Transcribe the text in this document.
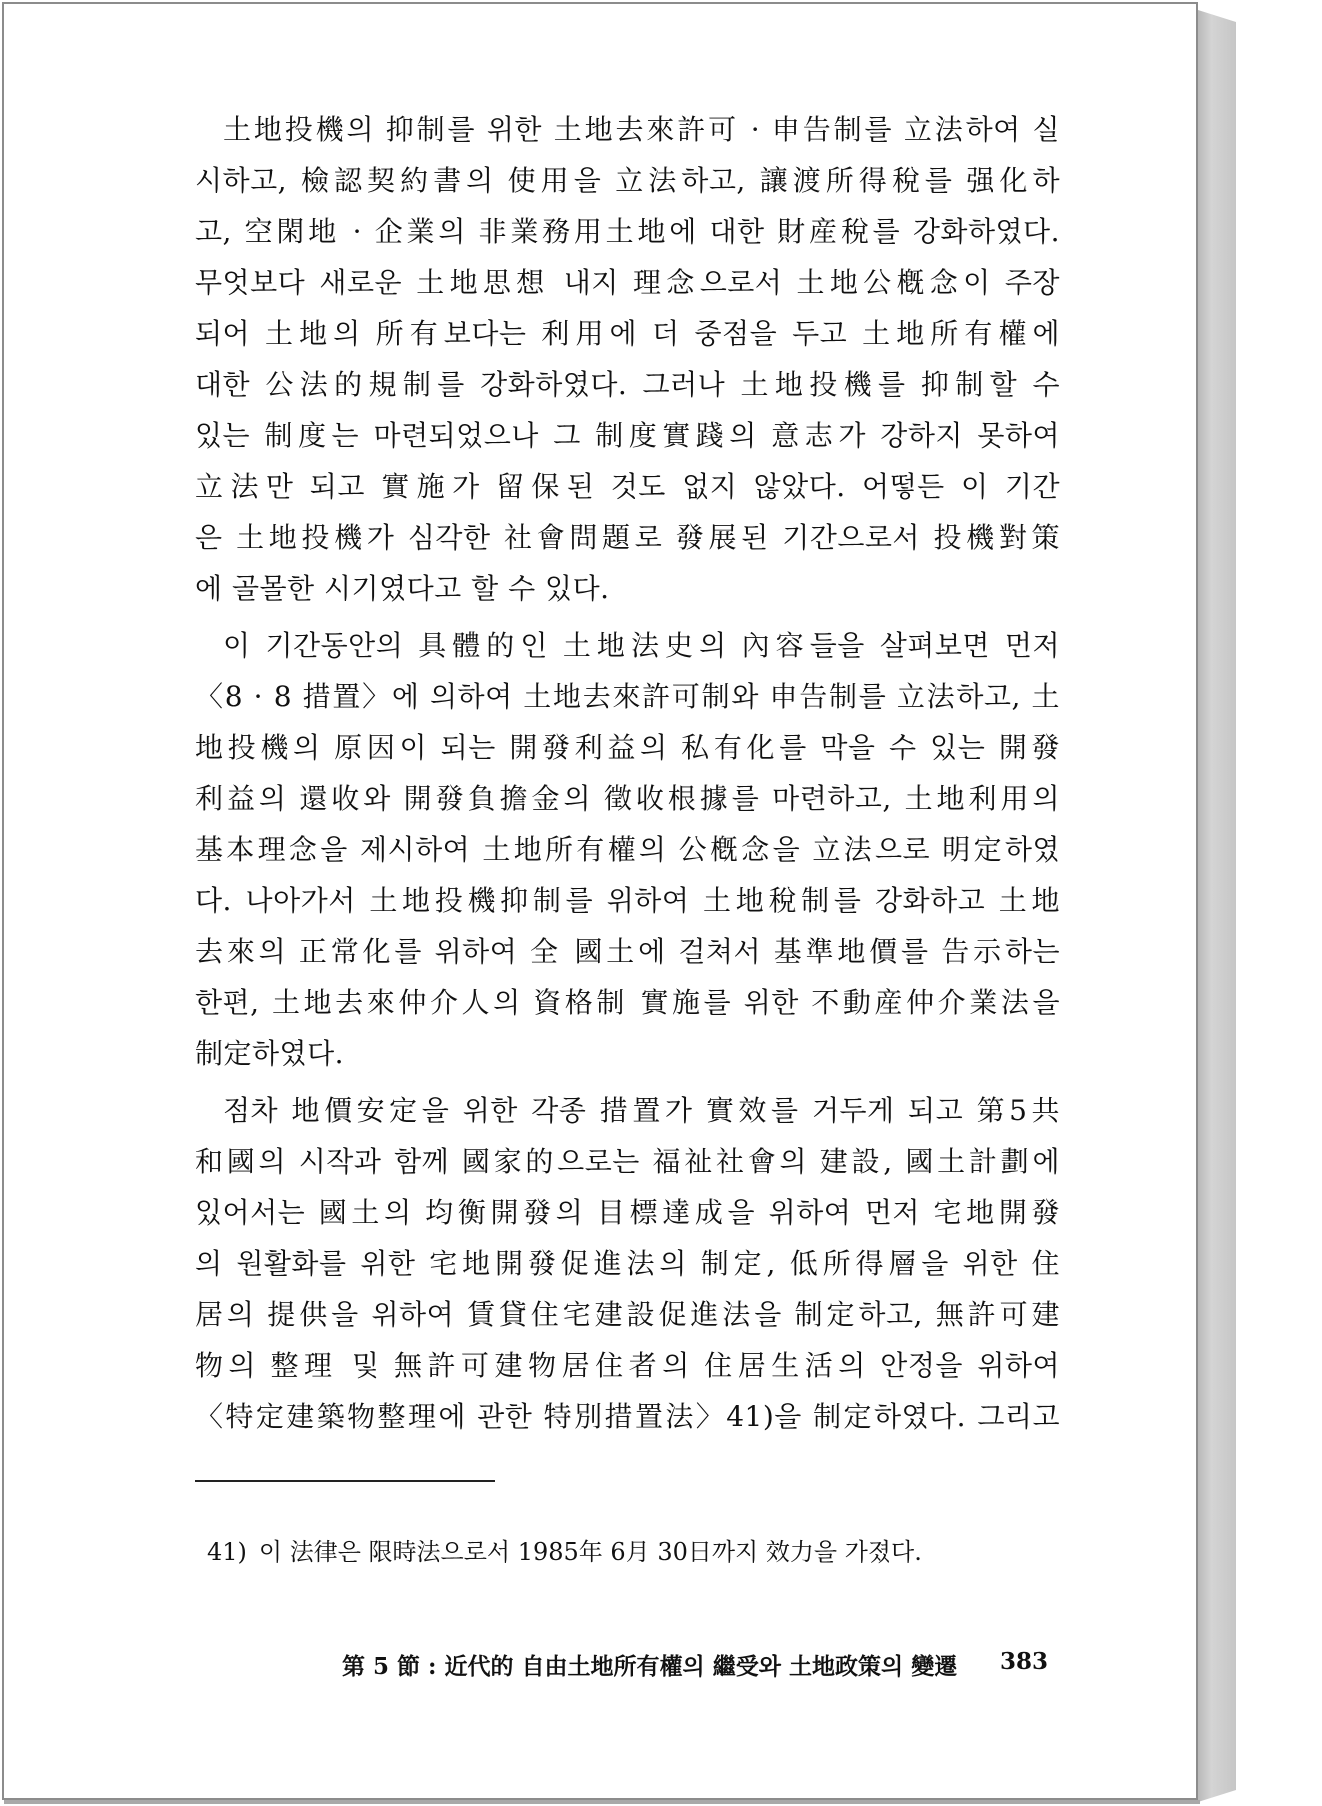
土地投機의 抑制를 위한 土地去來許可 · 申告制를 立法하여 실
시하고, 檢認契約書의 使用을 立法하고, 讓渡所得稅를 强化하
고, 空閑地 · 企業의 非業務用土地에 대한 財産稅를 강화하였다.
무엇보다 새로운 土地思想 내지 理念으로서 土地公槪念이 주장
되어 土地의 所有보다는 利用에 더 중점을 두고 土地所有權에
대한 公法的規制를 강화하였다. 그러나 土地投機를 抑制할 수
있는 制度는 마련되었으나 그 制度實踐의 意志가 강하지 못하여
立法만 되고 實施가 留保된 것도 없지 않았다. 어떻든 이 기간
은 土地投機가 심각한 社會問題로 發展된 기간으로서 投機對策
에 골몰한 시기였다고 할 수 있다.
이 기간동안의 具體的인 土地法史의 內容들을 살펴보면 먼저
〈8 · 8 措置〉에 의하여 土地去來許可制와 申告制를 立法하고, 土
地投機의 原因이 되는 開發利益의 私有化를 막을 수 있는 開發
利益의 還收와 開發負擔金의 徵收根據를 마련하고, 土地利用의
基本理念을 제시하여 土地所有權의 公槪念을 立法으로 明定하였
다. 나아가서 土地投機抑制를 위하여 土地稅制를 강화하고 土地
去來의 正常化를 위하여 全 國土에 걸쳐서 基準地價를 告示하는
한편, 土地去來仲介人의 資格制 實施를 위한 不動産仲介業法을
制定하였다.
점차 地價安定을 위한 각종 措置가 實效를 거두게 되고 第5共
和國의 시작과 함께 國家的으로는 福祉社會의 建設, 國土計劃에
있어서는 國土의 均衡開發의 目標達成을 위하여 먼저 宅地開發
의 원활화를 위한 宅地開發促進法의 制定, 低所得層을 위한 住
居의 提供을 위하여 賃貸住宅建設促進法을 制定하고, 無許可建
物의 整理 및 無許可建物居住者의 住居生活의 안정을 위하여
〈特定建築物整理에 관한 特別措置法〉41)을 制定하였다. 그리고
41) 이 法律은 限時法으로서 1985年 6月 30日까지 效力을 가졌다.
第 5 節 : 近代的 自由土地所有權의 繼受와 土地政策의 變遷 383
